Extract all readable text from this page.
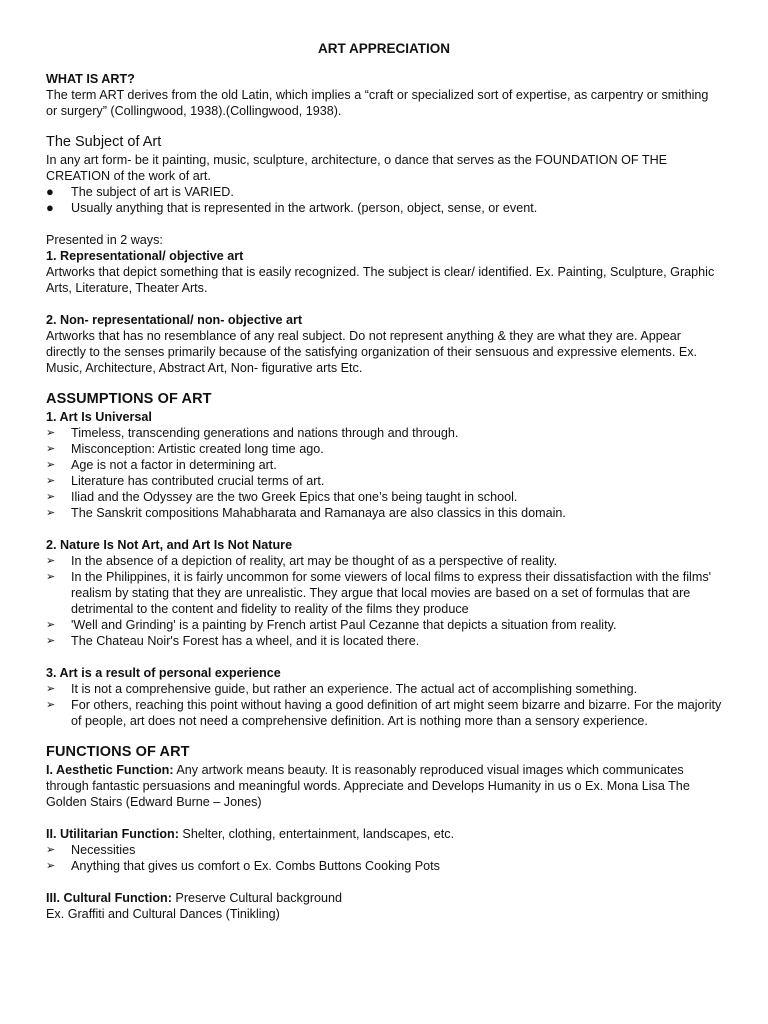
ART APPRECIATION

WHAT IS ART?

The term ART derives from the old Latin, which implies a “craft or specialized sort of expertise, as carpentry or smithing or surgery” (Collingwood, 1938).(Collingwood, 1938).

The Subject of Art

In any art form- be it painting, music, sculpture, architecture, o dance that serves as the FOUNDATION OF THE CREATION of the work of art.

●	The subject of art is VARIED.
●	Usually anything that is represented in the artwork. (person, object, sense, or event.

Presented in 2 ways:

1. Representational/ objective art

Artworks that depict something that is easily recognized. The subject is clear/ identified. Ex. Painting, Sculpture, Graphic Arts, Literature, Theater Arts.

2. Non- representational/ non- objective art

Artworks that has no resemblance of any real subject. Do not represent anything & they are what they are. Appear directly to the senses primarily because of the satisfying organization of their sensuous and expressive elements. Ex. Music, Architecture, Abstract Art, Non- figurative arts Etc.

ASSUMPTIONS OF ART

1. Art Is Universal

➢	Timeless, transcending generations and nations through and through.
➢	Misconception: Artistic created long time ago.
➢	Age is not a factor in determining art.
➢	Literature has contributed crucial terms of art.
➢	Iliad and the Odyssey are the two Greek Epics that one’s being taught in school.
➢	The Sanskrit compositions Mahabharata and Ramanaya are also classics in this domain.

2. Nature Is Not Art, and Art Is Not Nature

➢	In the absence of a depiction of reality, art may be thought of as a perspective of reality.
➢	In the Philippines, it is fairly uncommon for some viewers of local films to express their dissatisfaction with the films' realism by stating that they are unrealistic. They argue that local movies are based on a set of formulas that are detrimental to the content and fidelity to reality of the films they produce
➢	'Well and Grinding' is a painting by French artist Paul Cezanne that depicts a situation from reality.
➢	The Chateau Noir's Forest has a wheel, and it is located there.

3. Art is a result of personal experience

➢	It is not a comprehensive guide, but rather an experience. The actual act of accomplishing something.
➢	For others, reaching this point without having a good definition of art might seem bizarre and bizarre. For the majority of people, art does not need a comprehensive definition. Art is nothing more than a sensory experience.
FUNCTIONS OF ART

I. Aesthetic Function: Any artwork means beauty. It is reasonably reproduced visual images which communicates through fantastic persuasions and meaningful words. Appreciate and Develops Humanity in us o Ex. Mona Lisa The Golden Stairs (Edward Burne – Jones)

II. Utilitarian Function: Shelter, clothing, entertainment, landscapes, etc.

➢	Necessities
➢	Anything that gives us comfort o Ex. Combs Buttons Cooking Pots

III. Cultural Function: Preserve Cultural background

Ex. Graffiti and Cultural Dances (Tinikling)
